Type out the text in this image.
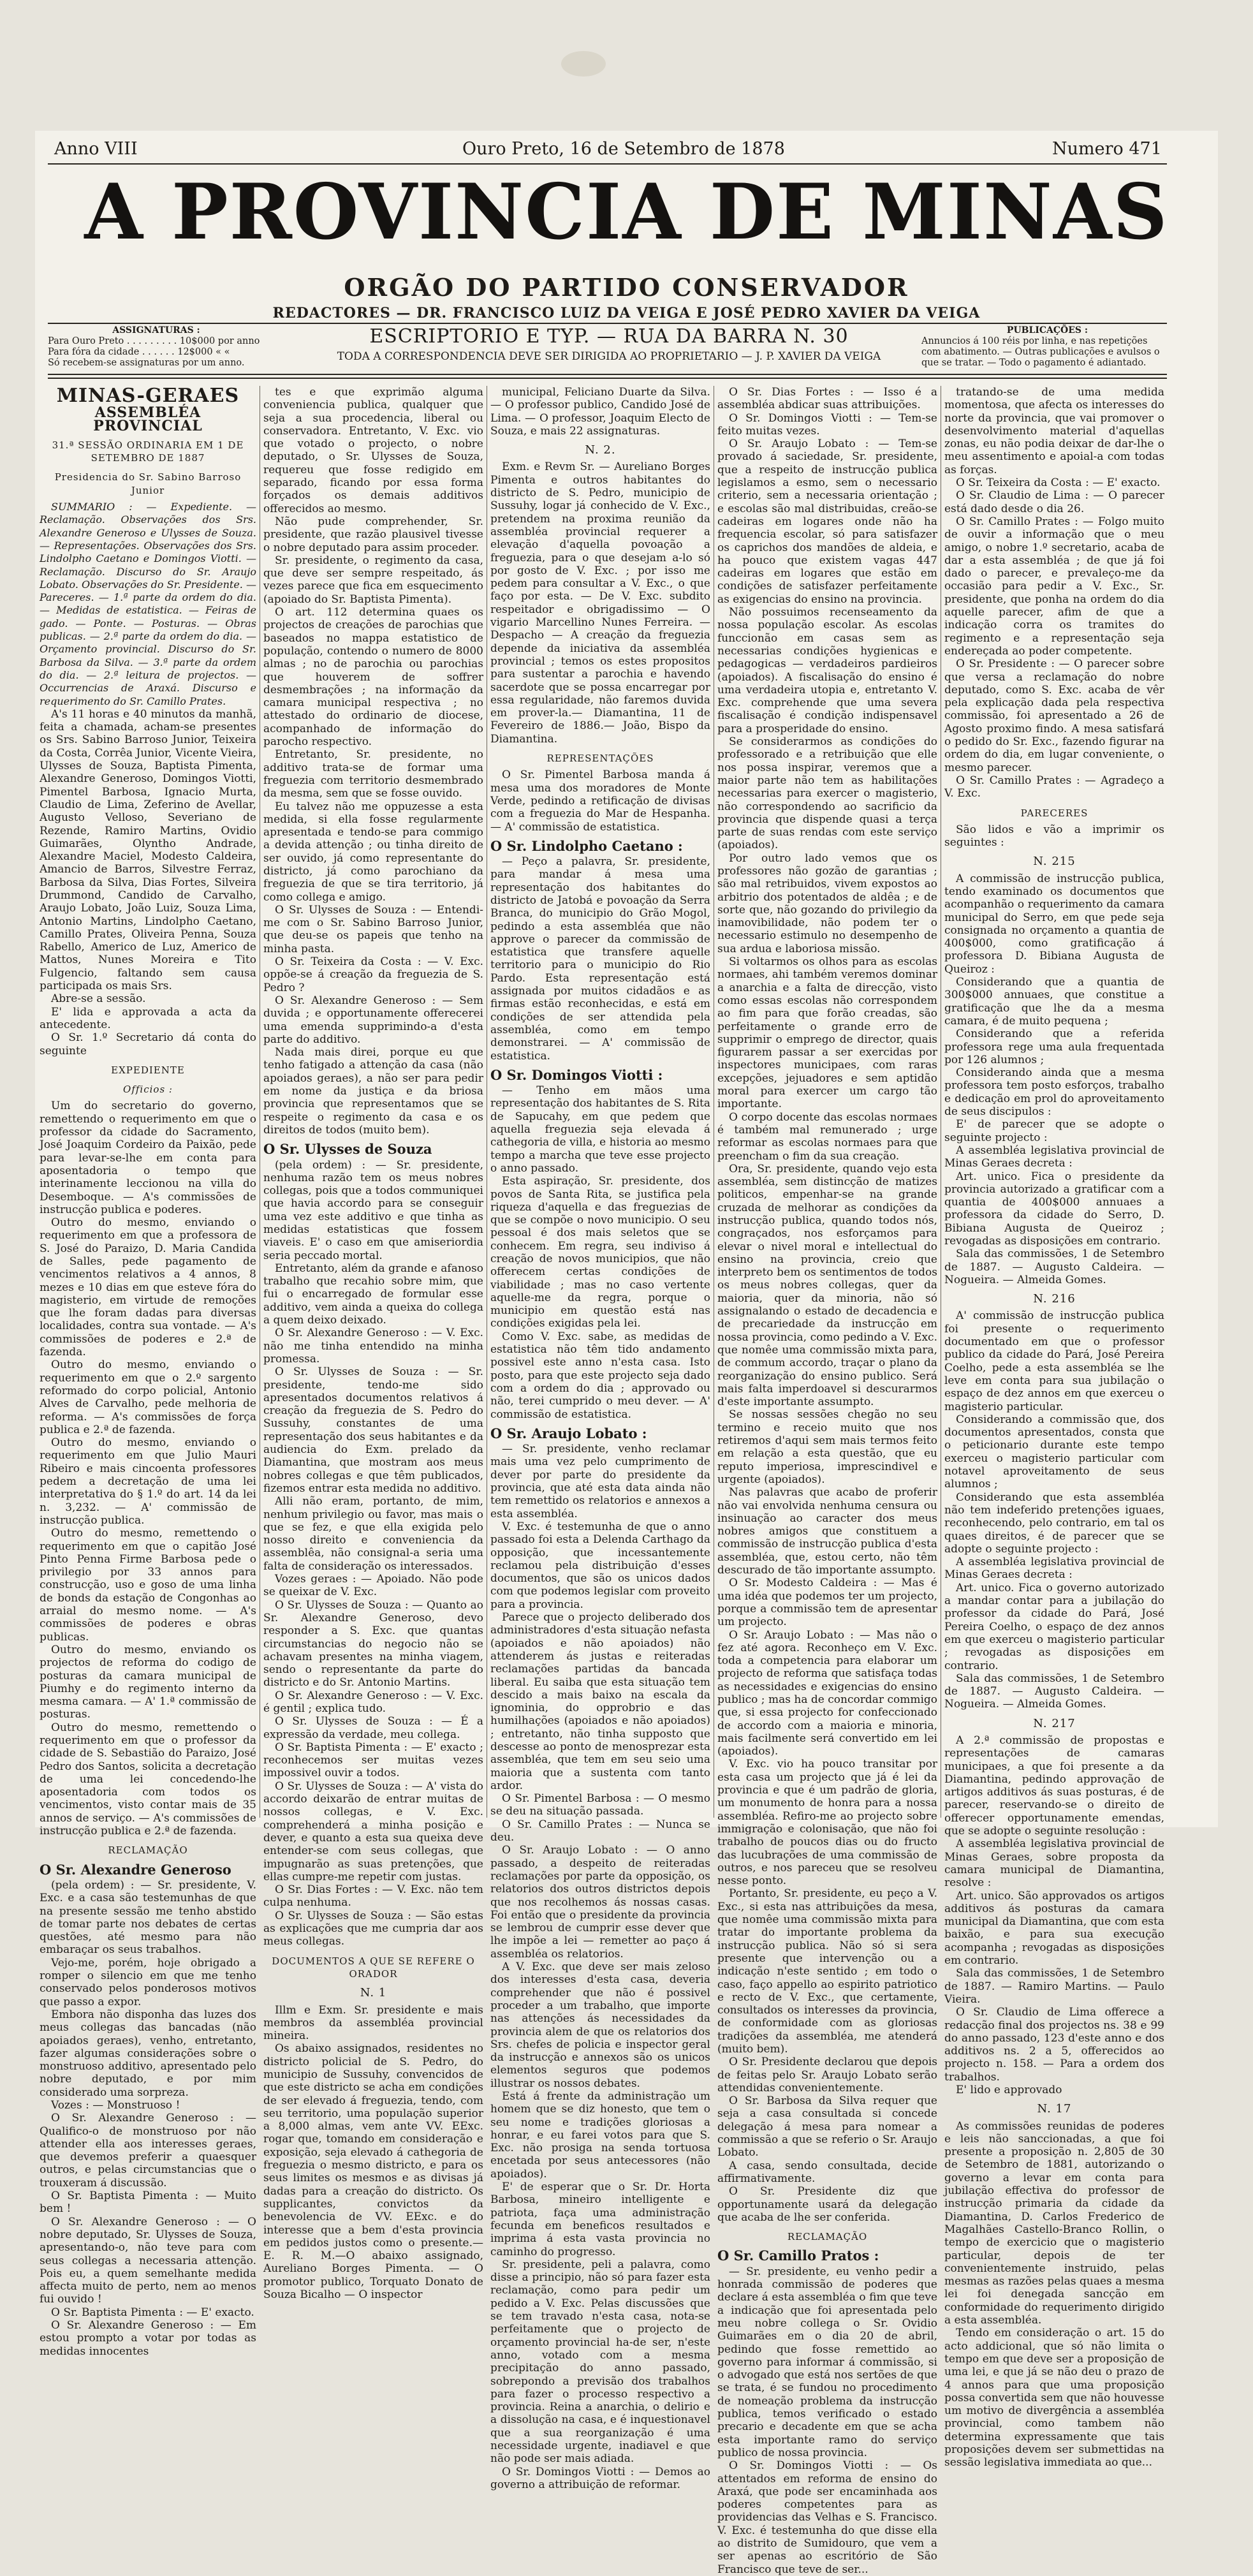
Anno VIII	Ouro Preto, 16 de Setembro de 1878	Numero 471
A PROVINCIA DE MINAS
ORGÃO DO PARTIDO CONSERVADOR
REDACTORES — DR. FRANCISCO LUIZ DA VEIGA E JOSÉ PEDRO XAVIER DA VEIGA
ASSIGNATURAS :
Para Ouro Preto . . . . . . . . . 10$000 por anno
Para fóra da cidade . . . . . . 12$000 « «
Só recebem-se assignaturas por um anno.
ESCRIPTORIO E TYP. — RUA DA BARRA N. 30
TODA A CORRESPONDENCIA DEVE SER DIRIGIDA AO PROPRIETARIO — J. P. XAVIER DA VEIGA
PUBLICAÇÕES :
Annuncios á 100 réis por linha, e nas repetições
com abatimento. — Outras publicações e avulsos o
que se tratar. — Todo o pagamento é adiantado.

MINAS-GERAES

ASSEMBLÉA PROVINCIAL

31.ª SESSÃO ORDINARIA EM 1 DE SETEMBRO DE 1887

Presidencia do Sr. Sabino Barroso Junior

SUMMARIO : — Expediente. — Reclamação. Observações dos Srs. Alexandre Generoso e Ulysses de Souza. — Representações. Observações dos Srs. Lindolpho Caetano e Domingos Viotti. — Reclamação. Discurso do Sr. Araujo Lobato. Observações do Sr. Presidente. — Pareceres. — 1.ª parte da ordem do dia. — Medidas de estatistica. — Feiras de gado. — Ponte. — Posturas. — Obras publicas. — 2.ª parte da ordem do dia. — Orçamento provincial. Discurso do Sr. Barbosa da Silva. — 3.ª parte da ordem do dia. — 2.ª leitura de projectos. — Occurrencias de Araxá. Discurso e requerimento do Sr. Camillo Prates.

A's 11 horas e 40 minutos da manhã, feita a chamada, acham-se presentes os Srs. Sabino Barroso Junior, Teixeira da Costa, Corrêa Junior, Vicente Vieira, Ulysses de Souza, Baptista Pimenta, Alexandre Generoso, Domingos Viotti, Pimentel Barbosa, Ignacio Murta, Claudio de Lima, Zeferino de Avellar, Augusto Velloso, Severiano de Rezende, Ramiro Martins, Ovidio Guimarães, Olyntho Andrade, Alexandre Maciel, Modesto Caldeira, Amancio de Barros, Silvestre Ferraz, Barbosa da Silva, Dias Fortes, Silveira Drummond, Candido de Carvalho, Araujo Lobato, João Luiz, Souza Lima, Antonio Martins, Lindolpho Caetano, Camillo Prates, Oliveira Penna, Souza Rabello, Americo de Luz, Americo de Mattos, Nunes Moreira e Tito Fulgencio, faltando sem causa participada os mais Srs.

Abre-se a sessão.

E' lida e approvada a acta da antecedente.

O Sr. 1.º Secretario dá conta do seguinte

EXPEDIENTE

Officios :

Um do secretario do governo, remettendo o requerimento em que o professor da cidade do Sacramento, José Joaquim Cordeiro da Paixão, pede para levar-se-lhe em conta para aposentadoria o tempo que interinamente leccionou na villa do Desemboque. — A's commissões de instrucção publica e poderes.

Outro do mesmo, enviando o requerimento em que a professora de S. José do Paraizo, D. Maria Candida de Salles, pede pagamento de vencimentos relativos a 4 annos, 8 mezes e 10 dias em que esteve fóra do magisterio, em virtude de remoções que lhe foram dadas para diversas localidades, contra sua vontade. — A's commissões de poderes e 2.ª de fazenda.

Outro do mesmo, enviando o requerimento em que o 2.º sargento reformado do corpo policial, Antonio Alves de Carvalho, pede melhoria de reforma. — A's commissões de força publica e 2.ª de fazenda.

Outro do mesmo, enviando o requerimento em que Julio Mauri Ribeiro e mais cincoenta professores pedem a decretação de uma lei interpretativa do § 1.º do art. 14 da lei n. 3,232. — A' commissão de instrucção publica.

Outro do mesmo, remettendo o requerimento em que o capitão José Pinto Penna Firme Barbosa pede o privilegio por 33 annos para construcção, uso e goso de uma linha de bonds da estação de Congonhas ao arraial do mesmo nome. — A's commissões de poderes e obras publicas.

Outro do mesmo, enviando os projectos de reforma do codigo de posturas da camara municipal de Piumhy e do regimento interno da mesma camara. — A' 1.ª commissão de posturas.

Outro do mesmo, remettendo o requerimento em que o professor da cidade de S. Sebastião do Paraizo, José Pedro dos Santos, solicita a decretação de uma lei concedendo-lhe aposentadoria com todos os vencimentos, visto contar mais de 35 annos de serviço. — A's commissões de instrucção publica e 2.ª de fazenda.

RECLAMAÇÃO

O Sr. Alexandre Generoso

(pela ordem) : — Sr. presidente, V. Exc. e a casa são testemunhas de que na presente sessão me tenho abstido de tomar parte nos debates de certas questões, até mesmo para não embaraçar os seus trabalhos.

Vejo-me, porém, hoje obrigado a romper o silencio em que me tenho conservado pelos ponderosos motivos que passo a expor.

Embora não disponha das luzes dos meus collegas das bancadas (não apoiados geraes), venho, entretanto, fazer algumas considerações sobre o monstruoso additivo, apresentado pelo nobre deputado, e por mim considerado uma sorpreza.

Vozes : — Monstruoso !

O Sr. Alexandre Generoso : — Qualifico-o de monstruoso por não attender ella aos interesses geraes, que devemos preferir a quaesquer outros, e pelas circumstancias que o trouxeram á discussão.

O Sr. Baptista Pimenta : — Muito bem !

O Sr. Alexandre Generoso : — O nobre deputado, Sr. Ulysses de Souza, apresentando-o, não teve para com seus collegas a necessaria attenção. Pois eu, a quem semelhante medida affecta muito de perto, nem ao menos fui ouvido !

O Sr. Baptista Pimenta : — E' exacto.

O Sr. Alexandre Generoso : — Em estou prompto a votar por todas as medidas innocentes

tes e que exprimão alguma conveniencia publica, qualquer que seja a sua procedencia, liberal ou conservadora. Entretanto, V. Exc. vio que votado o projecto, o nobre deputado, o Sr. Ulysses de Souza, requereu que fosse redigido em separado, ficando por essa forma forçados os demais additivos offerecidos ao mesmo.

Não pude comprehender, Sr. presidente, que razão plausivel tivesse o nobre deputado para assim proceder.

Sr. presidente, o regimento da casa, que deve ser sempre respeitado, ás vezes parece que fica em esquecimento (apoiado do Sr. Baptista Pimenta).

O art. 112 determina quaes os projectos de creações de parochias que baseados no mappa estatistico de população, contendo o numero de 8000 almas ; no de parochia ou parochias que houverem de soffrer desmembrações ; na informação da camara municipal respectiva ; no attestado do ordinario de diocese, acompanhado de informação do parocho respectivo.

Entretanto, Sr. presidente, no additivo trata-se de formar uma freguezia com territorio desmembrado da mesma, sem que se fosse ouvido.

Eu talvez não me oppuzesse a esta medida, si ella fosse regularmente apresentada e tendo-se para commigo a devida attenção ; ou tinha direito de ser ouvido, já como representante do districto, já como parochiano da freguezia de que se tira territorio, já como collega e amigo.

O Sr. Ulysses de Souza : — Entendi-me com o Sr. Sabino Barroso Junior, que deu-se os papeis que tenho na minha pasta.

O Sr. Teixeira da Costa : — V. Exc. oppõe-se á creação da freguezia de S. Pedro ?

O Sr. Alexandre Generoso : — Sem duvida ; e opportunamente offerecerei uma emenda supprimindo-a d'esta parte do additivo.

Nada mais direi, porque eu que tenho fatigado a attenção da casa (não apoiados geraes), a não ser para pedir em nome da justiça e da briosa provincia que representamos que se respeite o regimento da casa e os direitos de todos (muito bem).

O Sr. Ulysses de Souza

(pela ordem) : — Sr. presidente, nenhuma razão tem os meus nobres collegas, pois que a todos communiquei que havia accordo para se conseguir uma vez este additivo e que tinha as medidas estatisticas que fossem viaveis. E' o caso em que amiseriordia seria peccado mortal.

Entretanto, além da grande e afanoso trabalho que recahio sobre mim, que fui o encarregado de formular esse additivo, vem ainda a queixa do collega a quem deixo deixado.

O Sr. Alexandre Generoso : — V. Exc. não me tinha entendido na minha promessa.

O Sr. Ulysses de Souza : — Sr. presidente, tendo-me sido apresentados documentos relativos á creação da freguezia de S. Pedro do Sussuhy, constantes de uma representação dos seus habitantes e da audiencia do Exm. prelado da Diamantina, que mostram aos meus nobres collegas e que têm publicados, fizemos entrar esta medida no additivo.

Alli não eram, portanto, de mim, nenhum privilegio ou favor, mas mais o que se fez, e que ella exigida pelo nosso direito e conveniencia da assemblêa, não consignal-a seria uma falta de consideração os interessados.

Vozes geraes : — Apoiado. Não pode se queixar de V. Exc.

O Sr. Ulysses de Souza : — Quanto ao Sr. Alexandre Generoso, devo responder a S. Exc. que quantas circumstancias do negocio não se achavam presentes na minha viagem, sendo o representante da parte do districto e do Sr. Antonio Martins.

O Sr. Alexandre Generoso : — V. Exc. é gentil ; explica tudo.

O Sr. Ulysses de Souza : — É a expressão da verdade, meu collega.

O Sr. Baptista Pimenta : — E' exacto ; reconhecemos ser muitas vezes impossivel ouvir a todos.

O Sr. Ulysses de Souza : — A' vista do accordo deixarão de entrar muitas de nossos collegas, e V. Exc. comprehenderá a minha posição e dever, e quanto a esta sua queixa deve entender-se com seus collegas, que impugnarão as suas pretenções, que ellas cumpre-me repetir com justas.

O Sr. Dias Fortes : — V. Exc. não tem culpa nenhuma.

O Sr. Ulysses de Souza : — São estas as explicações que me cumpria dar aos meus collegas.

DOCUMENTOS A QUE SE REFERE O ORADOR

N. 1

Illm e Exm. Sr. presidente e mais membros da assembléa provincial mineira.

Os abaixo assignados, residentes no districto policial de S. Pedro, do municipio de Sussuhy, convencidos de que este districto se acha em condições de ser elevado á freguezia, tendo, com seu territorio, uma população superior a 8,000 almas, vem ante VV. EExc. rogar que, tomando em consideração e exposição, seja elevado á cathegoria de freguezia o mesmo districto, e para os seus limites os mesmos e as divisas já dadas para a creação do districto. Os supplicantes, convictos da benevolencia de VV. EExc. e do interesse que a bem d'esta provincia em pedidos justos como o presente.— E. R. M.—O abaixo assignado, Aureliano Borges Pimenta. — O promotor publico, Torquato Donato de Souza Bicalho — O inspector

municipal, Feliciano Duarte da Silva. — O professor publico, Candido José de Lima. — O professor, Joaquim Electo de Souza, e mais 22 assignaturas.

N. 2.

Exm. e Revm Sr. — Aureliano Borges Pimenta e outros habitantes do districto de S. Pedro, municipio de Sussuhy, logar já conhecido de V. Exc., pretendem na proxima reunião da assembléa provincial requerer a elevação d'aquella povoação a freguezia, para o que desejam a-lo só por gosto de V. Exc. ; por isso me pedem para consultar a V. Exc., o que faço por esta. — De V. Exc. subdito respeitador e obrigadissimo — O vigario Marcellino Nunes Ferreira. — Despacho — A creação da freguezia depende da iniciativa da assembléa provincial ; temos os estes propositos para sustentar a parochia e havendo sacerdote que se possa encarregar por essa regularidade, não faremos duvida em prover-la.— Diamantina, 11 de Fevereiro de 1886.— João, Bispo da Diamantina.

REPRESENTAÇÕES

O Sr. Pimentel Barbosa manda á mesa uma dos moradores de Monte Verde, pedindo a retificação de divisas com a freguezia do Mar de Hespanha. — A' commissão de estatistica.

O Sr. Lindolpho Caetano :

— Peço a palavra, Sr. presidente, para mandar á mesa uma representação dos habitantes do districto de Jatobá e povoação da Serra Branca, do municipio do Grão Mogol, pedindo a esta assembléa que não approve o parecer da commissão de estatistica que transfere aquelle territorio para o municipio do Rio Pardo. Esta representação está assignada por muitos cidadãos e as firmas estão reconhecidas, e está em condições de ser attendida pela assembléa, como em tempo demonstrarei. — A' commissão de estatistica.

O Sr. Domingos Viotti :

— Tenho em mãos uma representação dos habitantes de S. Rita de Sapucahy, em que pedem que aquella freguezia seja elevada á cathegoria de villa, e historia ao mesmo tempo a marcha que teve esse projecto o anno passado.

Esta aspiração, Sr. presidente, dos povos de Santa Rita, se justifica pela riqueza d'aquella e das freguezias de que se compõe o novo municipio. O seu pessoal é dos mais seletos que se conhecem. Em regra, seu indiviso á creação de novos municipios, que não offerecem certas condições de viabilidade ; mas no caso vertente aquelle-me da regra, porque o municipio em questão está nas condições exigidas pela lei.

Como V. Exc. sabe, as medidas de estatistica não têm tido andamento possivel este anno n'esta casa. Isto posto, para que este projecto seja dado com a ordem do dia ; approvado ou não, terei cumprido o meu dever. — A' commissão de estatistica.

O Sr. Araujo Lobato :

— Sr. presidente, venho reclamar mais uma vez pelo cumprimento de dever por parte do presidente da provincia, que até esta data ainda não tem remettido os relatorios e annexos a esta assembléa.

V. Exc. é testemunha de que o anno passado foi esta a Delenda Carthago da opposição, que incessantemente reclamou pela distribuição d'esses documentos, que são os unicos dados com que podemos legislar com proveito para a provincia.

Parece que o projecto deliberado dos administradores d'esta situação nefasta (apoiados e não apoiados) não attenderem ás justas e reiteradas reclamações partidas da bancada liberal. Eu saiba que esta situação tem descido a mais baixo na escala da ignominia, do opprobrio e das humilhações (apoiados e não apoiados) ; entretanto, não tinha supposto que descesse ao ponto de menosprezar esta assembléa, que tem em seu seio uma maioria que a sustenta com tanto ardor.

O Sr. Pimentel Barbosa : — O mesmo se deu na situação passada.

O Sr. Camillo Prates : — Nunca se deu.

O Sr. Araujo Lobato : — O anno passado, a despeito de reiteradas reclamações por parte da opposição, os relatorios dos outros districtos depois que nos recolhemos ás nossas casas. Foi então que o presidente da provincia se lembrou de cumprir esse dever que lhe impõe a lei — remetter ao paço á assembléa os relatorios.

A V. Exc. que deve ser mais zeloso dos interesses d'esta casa, deveria comprehender que não é possivel proceder a um trabalho, que importe nas attenções ás necessidades da provincia alem de que os relatorios dos Srs. chefes de policia e inspector geral da instrucção e annexos são os unicos elementos seguros que podemos illustrar os nossos debates.

Está á frente da administração um homem que se diz honesto, que tem o seu nome e tradições gloriosas a honrar, e eu farei votos para que S. Exc. não prosiga na senda tortuosa encetada por seus antecessores (não apoiados).

E' de esperar que o Sr. Dr. Horta Barbosa, mineiro intelligente e patriota, faça uma administração fecunda em beneficos resultados e imprima á esta vasta provincia no caminho do progresso.

Sr. presidente, peli a palavra, como disse a principio, não só para fazer esta reclamação, como para pedir um pedido a V. Exc. Pelas discussões que se tem travado n'esta casa, nota-se perfeitamente que o projecto de orçamento provincial ha-de ser, n'este anno, votado com a mesma precipitação do anno passado, sobrepondo a previsão dos trabalhos para fazer o processo respectivo a provincia. Reina a anarchia, o delirio e a dissolução na casa, e é inquestionavel que a sua reorganização é uma necessidade urgente, inadiavel e que não pode ser mais adiada.

O Sr. Domingos Viotti : — Demos ao governo a attribuição de reformar.

O Sr. Dias Fortes : — Isso é a assembléa abdicar suas attribuições.

O Sr. Domingos Viotti : — Tem-se feito muitas vezes.

O Sr. Araujo Lobato : — Tem-se provado á saciedade, Sr. presidente, que a respeito de instrucção publica legislamos a esmo, sem o necessario criterio, sem a necessaria orientação ; e escolas são mal distribuidas, creão-se cadeiras em logares onde não ha frequencia escolar, só para satisfazer os caprichos dos mandões de aldeia, e ha pouco que existem vagas 447 cadeiras em logares que estão em condições de satisfazer perfeitamente as exigencias do ensino na provincia.

Não possuimos recenseamento da nossa população escolar. As escolas funccionão em casas sem as necessarias condições hygienicas e pedagogicas — verdadeiros pardieiros (apoiados). A fiscalisação do ensino é uma verdadeira utopia e, entretanto V. Exc. comprehende que uma severa fiscalisação é condição indispensavel para a prosperidade do ensino.

Se considerarmos as condições do professorado e a retribuição que elle nos possa inspirar, veremos que a maior parte não tem as habilitações necessarias para exercer o magisterio, não correspondendo ao sacrificio da provincia que dispende quasi a terça parte de suas rendas com este serviço (apoiados).

Por outro lado vemos que os professores não gozão de garantias ; são mal retribuidos, vivem expostos ao arbitrio dos potentados de aldêa ; e de sorte que, não gozando do privilegio da inamovibilidade, não podem ter o necessario estimulo no desempenho de sua ardua e laboriosa missão.

Si voltarmos os olhos para as escolas normaes, ahi também veremos dominar a anarchia e a falta de direcção, visto como essas escolas não correspondem ao fim para que forão creadas, são perfeitamente o grande erro de supprimir o emprego de director, quais figurarem passar a ser exercidas por inspectores municipaes, com raras excepções, jejuadores e sem aptidão moral para exercer um cargo tão importante.

O corpo docente das escolas normaes é também mal remunerado ; urge reformar as escolas normaes para que preencham o fim da sua creação.

Ora, Sr. presidente, quando vejo esta assembléa, sem distincção de matizes politicos, empenhar-se na grande cruzada de melhorar as condições da instrucção publica, quando todos nós, congraçados, nos esforçamos para elevar o nivel moral e intellectual do ensino na provincia, creio que interpreto bem os sentimentos de todos os meus nobres collegas, quer da maioria, quer da minoria, não só assignalando o estado de decadencia e de precariedade da instrucção em nossa provincia, como pedindo a V. Exc. que nomêe uma commissão mixta para, de commum accordo, traçar o plano da reorganização do ensino publico. Será mais falta imperdoavel si descurarmos d'este importante assumpto.

Se nossas sessões chegão no seu termino e receio muito que nos retiremos d'aqui sem mais termos feito em relação a esta questão, que eu reputo imperiosa, imprescindivel e urgente (apoiados).

Nas palavras que acabo de proferir não vai envolvida nenhuma censura ou insinuação ao caracter dos meus nobres amigos que constituem a commissão de instrucção publica d'esta assembléa, que, estou certo, não têm descurado de tão importante assumpto.

O Sr. Modesto Caldeira : — Mas é uma idéa que podemos ter um projecto, porque a commissão tem de apresentar um projecto.

O Sr. Araujo Lobato : — Mas não o fez até agora. Reconheço em V. Exc. toda a competencia para elaborar um projecto de reforma que satisfaça todas as necessidades e exigencias do ensino publico ; mas ha de concordar commigo que, si essa projecto for confeccionado de accordo com a maioria e minoria, mais facilmente será convertido em lei (apoiados).

V. Exc. vio ha pouco transitar por esta casa um projecto que já é lei da provincia e que é um padrão de gloria, um monumento de honra para a nossa assembléa. Refiro-me ao projecto sobre immigração e colonisação, que não foi trabalho de poucos dias ou do fructo das lucubrações de uma commissão de outros, e nos pareceu que se resolveu nesse ponto.

Portanto, Sr. presidente, eu peço a V. Exc., si esta nas attribuições da mesa, que nomêe uma commissão mixta para tratar do importante problema da instrucção publica. Não só si sera presente que intervenção ou a indicação n'este sentido ; em todo o caso, faço appello ao espirito patriotico e recto de V. Exc., que certamente, consultados os interesses da provincia, de conformidade com as gloriosas tradições da assembléa, me atenderá (muito bem).

O Sr. Presidente declarou que depois de feitas pelo Sr. Araujo Lobato serão attendidas convenientemente.

O Sr. Barbosa da Silva requer que seja a casa consultada si concede delegação á mesa para nomear a commissão a que se referio o Sr. Araujo Lobato.

A casa, sendo consultada, decide affirmativamente.

O Sr. Presidente diz que opportunamente usará da delegação que acaba de lhe ser conferida.

RECLAMAÇÃO

O Sr. Camillo Pratos :

— Sr. presidente, eu venho pedir a honrada commissão de poderes que declare á esta assembléa o fim que teve a indicação que foi apresentada pelo meu nobre collega o Sr. Ovidio Guimarães em o dia 20 de abril, pedindo que fosse remettido ao governo para informar á commissão, si o advogado que está nos sertões de que se trata, é se fundou no procedimento de nomeação problema da instrucção publica, temos verificado o estado precario e decadente em que se acha esta importante ramo do serviço publico de nossa provincia.

O Sr. Domingos Viotti : — Os attentados em reforma de ensino do Araxá, que pode ser encaminhada aos poderes competentes para as providencias das Velhas e S. Francisco. V. Exc. é testemunha do que disse ella ao distrito de Sumidouro, que vem a ser apenas ao escritório de São Francisco que teve de ser...

tratando-se de uma medida momentosa, que afecta os interesses do norte da provincia, que vai promover o desenvolvimento material d'aquellas zonas, eu não podia deixar de dar-lhe o meu assentimento e apoial-a com todas as forças.

O Sr. Teixeira da Costa : — E' exacto.

O Sr. Claudio de Lima : — O parecer está dado desde o dia 26.

O Sr. Camillo Prates : — Folgo muito de ouvir a informação que o meu amigo, o nobre 1.º secretario, acaba de dar a esta assembléa ; de que já foi dado o parecer, e prevaleço-me da occasião para pedir a V. Exc., Sr. presidente, que ponha na ordem do dia aquelle parecer, afim de que a indicação corra os tramites do regimento e a representação seja endereçada ao poder competente.

O Sr. Presidente : — O parecer sobre que versa a reclamação do nobre deputado, como S. Exc. acaba de vêr pela explicação dada pela respectiva commissão, foi apresentado a 26 de Agosto proximo findo. A mesa satisfará o pedido do Sr. Exc., fazendo figurar na ordem do dia, em lugar conveniente, o mesmo parecer.

O Sr. Camillo Prates : — Agradeço a V. Exc.

PARECERES

São lidos e vão a imprimir os seguintes :

N. 215

A commissão de instrucção publica, tendo examinado os documentos que acompanhão o requerimento da camara municipal do Serro, em que pede seja consignada no orçamento a quantia de 400$000, como gratificação á professora D. Bibiana Augusta de Queiroz :

Considerando que a quantia de 300$000 annuaes, que constitue a gratificação que lhe da a mesma camara, é de muito pequena ;

Considerando que a referida professora rege uma aula frequentada por 126 alumnos ;

Considerando ainda que a mesma professora tem posto esforços, trabalho e dedicação em prol do aproveitamento de seus discipulos :

E' de parecer que se adopte o seguinte projecto :

A assembléa legislativa provincial de Minas Geraes decreta :

Art. unico. Fica o presidente da provincia autorizado a gratificar com a quantia de 400$000 annuaes a professora da cidade do Serro, D. Bibiana Augusta de Queiroz ; revogadas as disposições em contrario.

Sala das commissões, 1 de Setembro de 1887. — Augusto Caldeira. — Nogueira. — Almeida Gomes.

N. 216

A' commissão de instrucção publica foi presente o requerimento documentado em que o professor publico da cidade do Pará, José Pereira Coelho, pede a esta assembléa se lhe leve em conta para sua jubilação o espaço de dez annos em que exerceu o magisterio particular.

Considerando a commissão que, dos documentos apresentados, consta que o peticionario durante este tempo exerceu o magisterio particular com notavel aproveitamento de seus alumnos ;

Considerando que esta assembléa não tem indeferido pretenções iguaes, reconhecendo, pelo contrario, em tal os quaes direitos, é de parecer que se adopte o seguinte projecto :

A assembléa legislativa provincial de Minas Geraes decreta :

Art. unico. Fica o governo autorizado a mandar contar para a jubilação do professor da cidade do Pará, José Pereira Coelho, o espaço de dez annos em que exerceu o magisterio particular ; revogadas as disposições em contrario.

Sala das commissões, 1 de Setembro de 1887. — Augusto Caldeira. — Nogueira. — Almeida Gomes.

N. 217

A 2.ª commissão de propostas e representações de camaras municipaes, a que foi presente a da Diamantina, pedindo approvação de artigos additivos ás suas posturas, é de parecer, reservando-se o direito de offerecer opportunamente emendas, que se adopte o seguinte resolução :

A assembléa legislativa provincial de Minas Geraes, sobre proposta da camara municipal de Diamantina, resolve :

Art. unico. São approvados os artigos additivos ás posturas da camara municipal da Diamantina, que com esta baixão, e para sua execução acompanha ; revogadas as disposições em contrario.

Sala das commissões, 1 de Setembro de 1887. — Ramiro Martins. — Paulo Vieira.

O Sr. Claudio de Lima offerece a redacção final dos projectos ns. 38 e 99 do anno passado, 123 d'este anno e dos additivos ns. 2 a 5, offerecidos ao projecto n. 158. — Para a ordem dos trabalhos.

E' lido e approvado

N. 17

As commissões reunidas de poderes e leis não sanccionadas, a que foi presente a proposição n. 2,805 de 30 de Setembro de 1881, autorizando o governo a levar em conta para jubilação effectiva do professor de instrucção primaria da cidade da Diamantina, D. Carlos Frederico de Magalhães Castello-Branco Rollin, o tempo de exercicio que o magisterio particular, depois de ter convenientemente instruido, pelas mesmas as razões pelas quaes a mesma lei foi denegada sancção em conformidade do requerimento dirigido a esta assembléa.

Tendo em consideração o art. 15 do acto addicional, que só não limita o tempo em que deve ser a proposição de uma lei, e que já se não deu o prazo de 4 annos para que uma proposição possa convertida sem que não houvesse um motivo de divergência a assembléa provincial, como tambem não determina expressamente que tais proposições devem ser submettidas na sessão legislativa immediata ao que...
